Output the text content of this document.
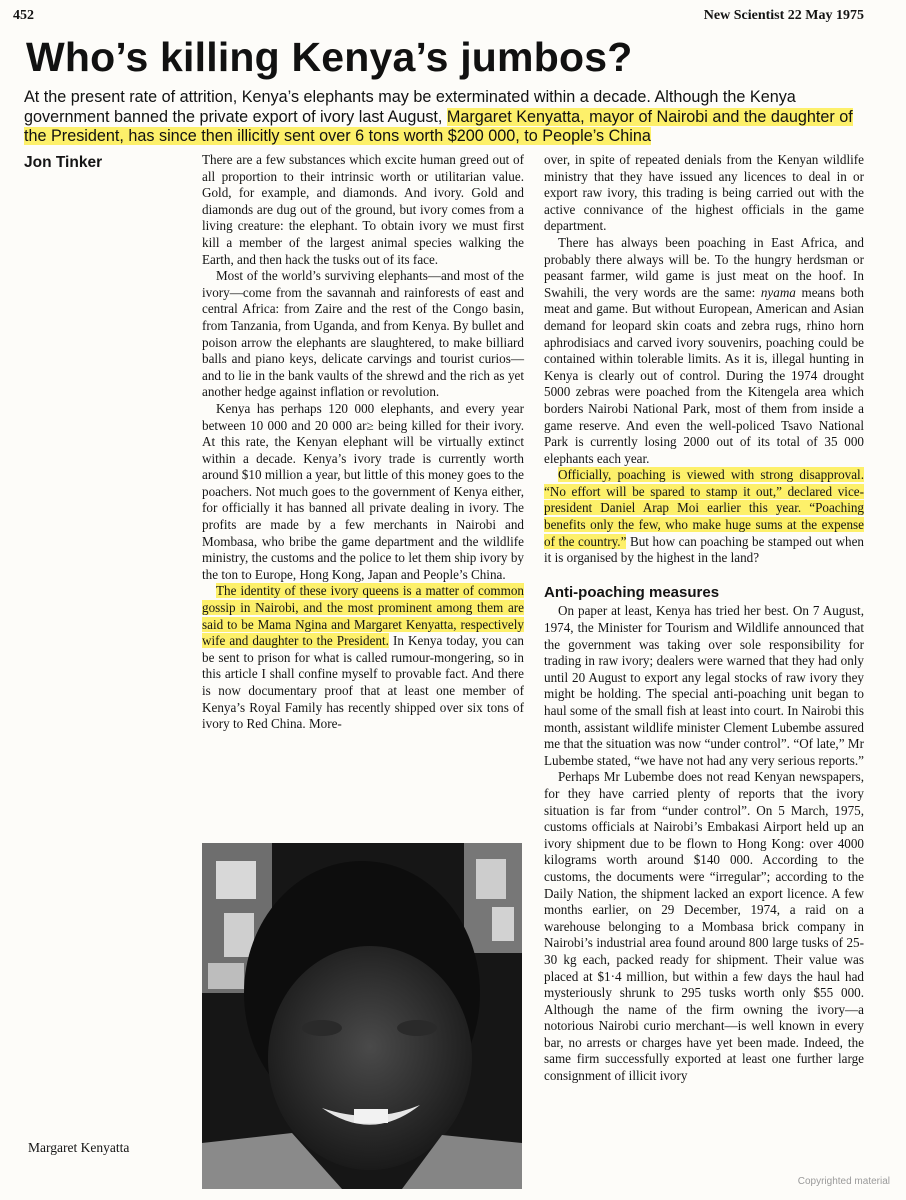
452	New Scientist 22 May 1975
Who’s killing Kenya’s jumbos?

At the present rate of attrition, Kenya’s elephants may be exterminated within a decade. Although the Kenya government banned the private export of ivory last August, Margaret Kenyatta, mayor of Nairobi and the daughter of the President, has since then illicitly sent over 6 tons worth $200 000, to People’s China

Jon Tinker	There are a few substances which excite human greed out of all proportion to their intrinsic worth or utilitarian value. Gold, for example, and diamonds. And ivory. Gold and diamonds are dug out of the ground, but ivory comes from a living creature: the elephant. To obtain ivory we must first kill a member of the largest animal species walking the Earth, and then hack the tusks out of its face.

Most of the world’s surviving elephants—and most of the ivory—come from the savannah and rainforests of east and central Africa: from Zaire and the rest of the Congo basin, from Tanzania, from Uganda, and from Kenya. By bullet and poison arrow the elephants are slaughtered, to make billiard balls and piano keys, delicate carvings and tourist curios—and to lie in the bank vaults of the shrewd and the rich as yet another hedge against inflation or revolution.

Kenya has perhaps 120 000 elephants, and every year between 10 000 and 20 000 ar≥ being killed for their ivory. At this rate, the Kenyan elephant will be virtually extinct within a decade. Kenya’s ivory trade is currently worth around $10 million a year, but little of this money goes to the poachers. Not much goes to the government of Kenya either, for officially it has banned all private dealing in ivory. The profits are made by a few merchants in Nairobi and Mombasa, who bribe the game department and the wildlife ministry, the customs and the police to let them ship ivory by the ton to Europe, Hong Kong, Japan and People’s China.

The identity of these ivory queens is a matter of common gossip in Nairobi, and the most prominent among them are said to be Mama Ngina and Margaret Kenyatta, respectively wife and daughter to the President. In Kenya today, you can be sent to prison for what is called rumour-mongering, so in this article I shall confine myself to provable fact. And there is now documentary proof that at least one member of Kenya’s Royal Family has recently shipped over six tons of ivory to Red China. More-

Margaret Kenyatta

over, in spite of repeated denials from the Kenyan wildlife ministry that they have issued any licences to deal in or export raw ivory, this trading is being carried out with the active connivance of the highest officials in the game department.

There has always been poaching in East Africa, and probably there always will be. To the hungry herdsman or peasant farmer, wild game is just meat on the hoof. In Swahili, the very words are the same: nyama means both meat and game. But without European, American and Asian demand for leopard skin coats and zebra rugs, rhino horn aphrodisiacs and carved ivory souvenirs, poaching could be contained within tolerable limits. As it is, illegal hunting in Kenya is clearly out of control. During the 1974 drought 5000 zebras were poached from the Kitengela area which borders Nairobi National Park, most of them from inside a game reserve. And even the well-policed Tsavo National Park is currently losing 2000 out of its total of 35 000 elephants each year.

Officially, poaching is viewed with strong disapproval. “No effort will be spared to stamp it out,” declared vice-president Daniel Arap Moi earlier this year. “Poaching benefits only the few, who make huge sums at the expense of the country.” But how can poaching be stamped out when it is organised by the highest in the land?

Anti-poaching measures

On paper at least, Kenya has tried her best. On 7 August, 1974, the Minister for Tourism and Wildlife announced that the government was taking over sole responsibility for trading in raw ivory; dealers were warned that they had only until 20 August to export any legal stocks of raw ivory they might be holding. The special anti-poaching unit began to haul some of the small fish at least into court. In Nairobi this month, assistant wildlife minister Clement Lubembe assured me that the situation was now “under control”. “Of late,” Mr Lubembe stated, “we have not had any very serious reports.”

Perhaps Mr Lubembe does not read Kenyan newspapers, for they have carried plenty of reports that the ivory situation is far from “under control”. On 5 March, 1975, customs officials at Nairobi’s Embakasi Airport held up an ivory shipment due to be flown to Hong Kong: over 4000 kilograms worth around $140 000. According to the customs, the documents were “irregular”; according to the Daily Nation, the shipment lacked an export licence. A few months earlier, on 29 December, 1974, a raid on a warehouse belonging to a Mombasa brick company in Nairobi’s industrial area found around 800 large tusks of 25-30 kg each, packed ready for shipment. Their value was placed at $1·4 million, but within a few days the haul had mysteriously shrunk to 295 tusks worth only $55 000. Although the name of the firm owning the ivory—a notorious Nairobi curio merchant—is well known in every bar, no arrests or charges have yet been made. Indeed, the same firm successfully exported at least one further large consignment of illicit ivory

Copyrighted material
